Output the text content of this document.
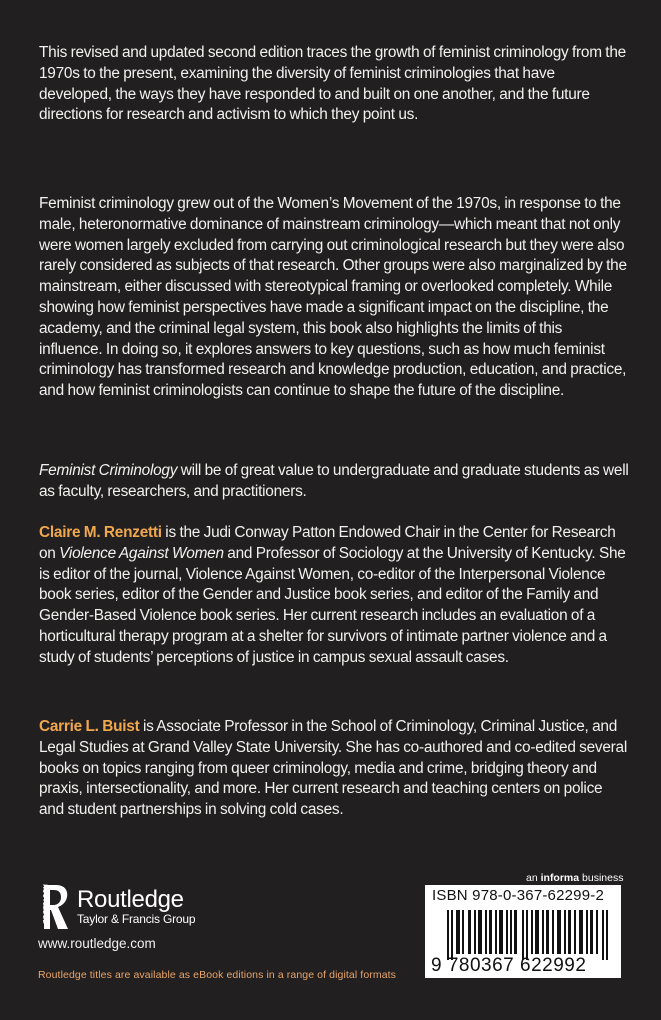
This revised and updated second edition traces the growth of feminist criminology from the 1970s to the present, examining the diversity of feminist criminologies that have developed, the ways they have responded to and built on one another, and the future directions for research and activism to which they point us.

Feminist criminology grew out of the Women’s Movement of the 1970s, in response to the male, heteronormative dominance of mainstream criminology—which meant that not only were women largely excluded from carrying out criminological research but they were also rarely considered as subjects of that research. Other groups were also marginalized by the mainstream, either discussed with stereotypical framing or overlooked completely. While showing how feminist perspectives have made a significant impact on the discipline, the academy, and the criminal legal system, this book also highlights the limits of this influence. In doing so, it explores answers to key questions, such as how much feminist criminology has transformed research and knowledge production, education, and practice, and how feminist criminologists can continue to shape the future of the discipline.

Feminist Criminology will be of great value to undergraduate and graduate students as well as faculty, researchers, and practitioners.

Claire M. Renzetti is the Judi Conway Patton Endowed Chair in the Center for Research on Violence Against Women and Professor of Sociology at the University of Kentucky. She is editor of the journal, Violence Against Women, co-editor of the Interpersonal Violence book series, editor of the Gender and Justice book series, and editor of the Family and Gender-Based Violence book series. Her current research includes an evaluation of a horticultural therapy program at a shelter for survivors of intimate partner violence and a study of students’ perceptions of justice in campus sexual assault cases.

Carrie L. Buist is Associate Professor in the School of Criminology, Criminal Justice, and Legal Studies at Grand Valley State University. She has co-authored and co-edited several books on topics ranging from queer criminology, media and crime, bridging theory and praxis, intersectionality, and more. Her current research and teaching centers on police and student partnerships in solving cold cases.

ROUTLEDGE Routledge
Taylor & Francis Group
www.routledge.com
Routledge titles are available as eBook editions in a range of digital formats
an informa business
ISBN 978-0-367-62299-2
9 780367 622992
